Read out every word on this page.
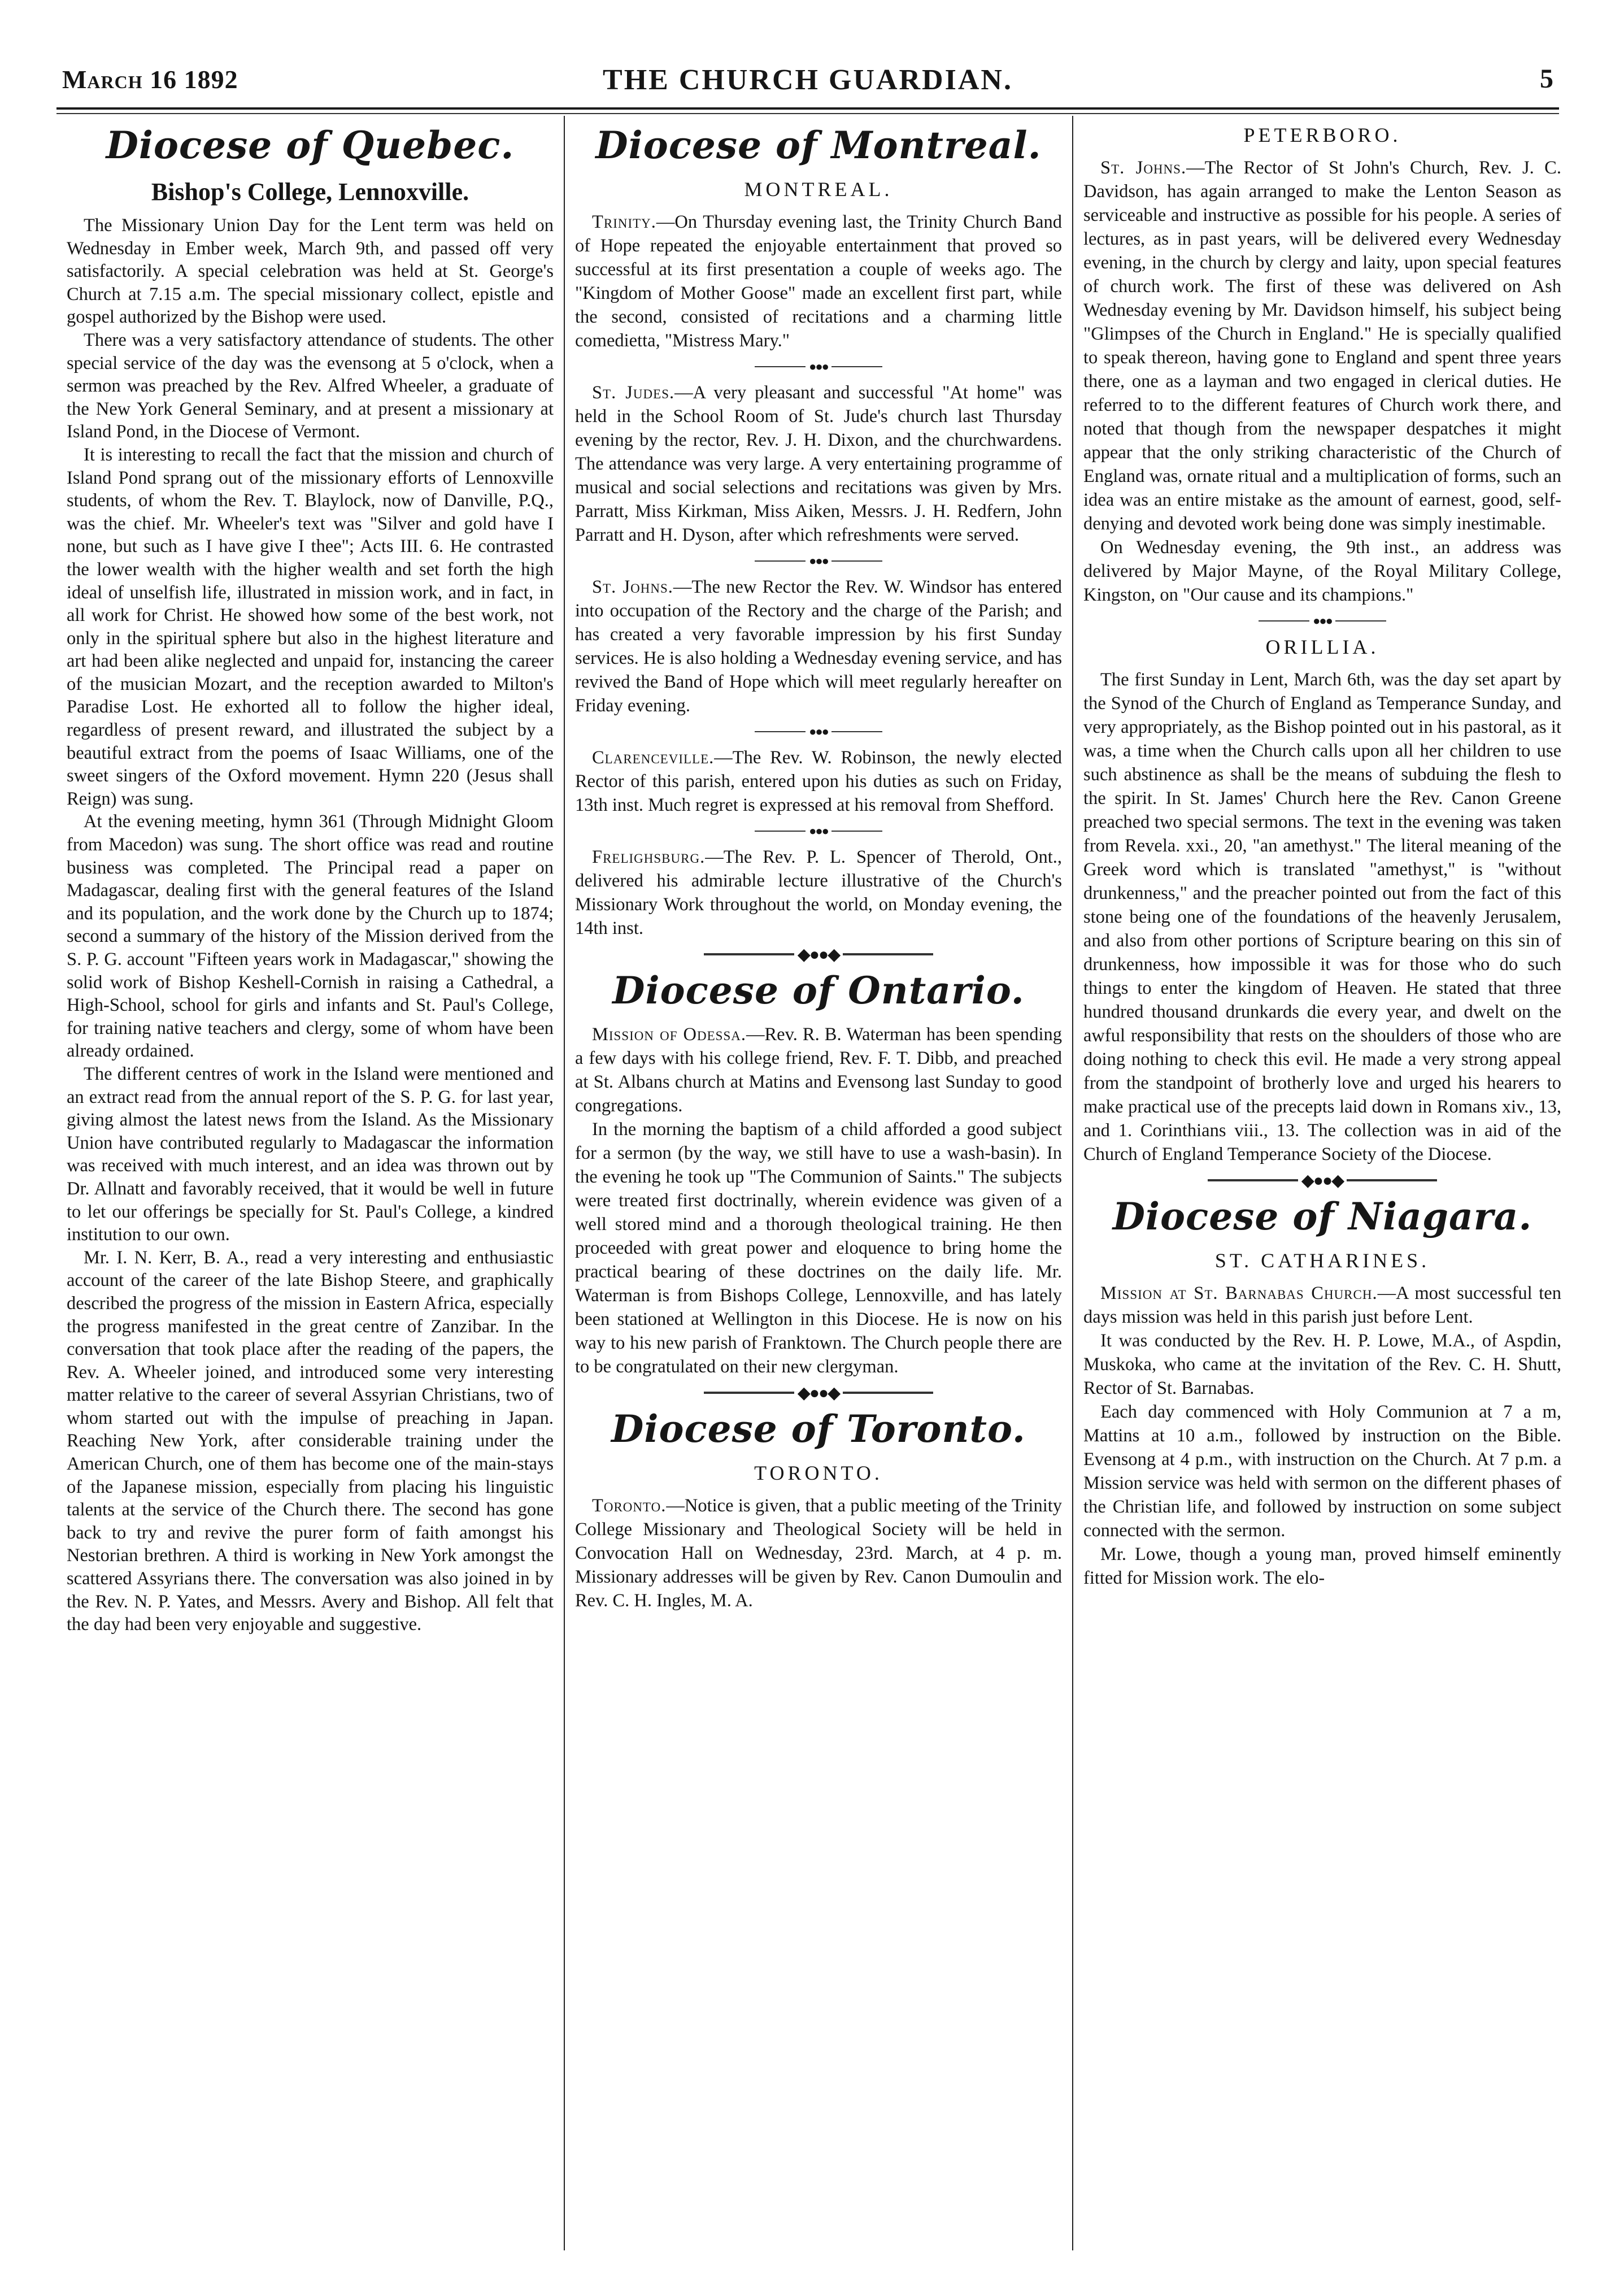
March 16 1892	THE CHURCH GUARDIAN.	5
Diocese of Quebec.
Bishop's College, Lennoxville.

The Missionary Union Day for the Lent term was held on Wednesday in Ember week, March 9th, and passed off very satisfactorily. A special celebration was held at St. George's Church at 7.15 a.m. The special missionary collect, epistle and gospel authorized by the Bishop were used.

There was a very satisfactory attendance of students. The other special service of the day was the evensong at 5 o'clock, when a sermon was preached by the Rev. Alfred Wheeler, a graduate of the New York General Seminary, and at present a missionary at Island Pond, in the Diocese of Vermont.

It is interesting to recall the fact that the mission and church of Island Pond sprang out of the missionary efforts of Lennoxville students, of whom the Rev. T. Blaylock, now of Danville, P.Q., was the chief. Mr. Wheeler's text was "Silver and gold have I none, but such as I have give I thee"; Acts III. 6. He contrasted the lower wealth with the higher wealth and set forth the high ideal of unselfish life, illustrated in mission work, and in fact, in all work for Christ. He showed how some of the best work, not only in the spiritual sphere but also in the highest literature and art had been alike neglected and unpaid for, instancing the career of the musician Mozart, and the reception awarded to Milton's Paradise Lost. He exhorted all to follow the higher ideal, regardless of present reward, and illustrated the subject by a beautiful extract from the poems of Isaac Williams, one of the sweet singers of the Oxford movement. Hymn 220 (Jesus shall Reign) was sung.

At the evening meeting, hymn 361 (Through Midnight Gloom from Macedon) was sung. The short office was read and routine business was completed. The Principal read a paper on Madagascar, dealing first with the general features of the Island and its population, and the work done by the Church up to 1874; second a summary of the history of the Mission derived from the S. P. G. account "Fifteen years work in Madagascar," showing the solid work of Bishop Keshell-Cornish in raising a Cathedral, a High-School, school for girls and infants and St. Paul's College, for training native teachers and clergy, some of whom have been already ordained.

The different centres of work in the Island were mentioned and an extract read from the annual report of the S. P. G. for last year, giving almost the latest news from the Island. As the Missionary Union have contributed regularly to Madagascar the information was received with much interest, and an idea was thrown out by Dr. Allnatt and favorably received, that it would be well in future to let our offerings be specially for St. Paul's College, a kindred institution to our own.

Mr. I. N. Kerr, B. A., read a very interesting and enthusiastic account of the career of the late Bishop Steere, and graphically described the progress of the mission in Eastern Africa, especially the progress manifested in the great centre of Zanzibar. In the conversation that took place after the reading of the papers, the Rev. A. Wheeler joined, and introduced some very interesting matter relative to the career of several Assyrian Christians, two of whom started out with the impulse of preaching in Japan. Reaching New York, after considerable training under the American Church, one of them has become one of the main-stays of the Japanese mission, especially from placing his linguistic talents at the service of the Church there. The second has gone back to try and revive the purer form of faith amongst his Nestorian brethren. A third is working in New York amongst the scattered Assyrians there. The conversation was also joined in by the Rev. N. P. Yates, and Messrs. Avery and Bishop. All felt that the day had been very enjoyable and suggestive.

Diocese of Montreal.
MONTREAL.

Trinity.—On Thursday evening last, the Trinity Church Band of Hope repeated the enjoyable entertainment that proved so successful at its first presentation a couple of weeks ago. The "Kingdom of Mother Goose" made an excellent first part, while the second, consisted of recitations and a charming little comedietta, "Mistress Mary."

●●●

St. Judes.—A very pleasant and successful "At home" was held in the School Room of St. Jude's church last Thursday evening by the rector, Rev. J. H. Dixon, and the churchwardens. The attendance was very large. A very entertaining programme of musical and social selections and recitations was given by Mrs. Parratt, Miss Kirkman, Miss Aiken, Messrs. J. H. Redfern, John Parratt and H. Dyson, after which refreshments were served.

●●●

St. Johns.—The new Rector the Rev. W. Windsor has entered into occupation of the Rectory and the charge of the Parish; and has created a very favorable impression by his first Sunday services. He is also holding a Wednesday evening service, and has revived the Band of Hope which will meet regularly hereafter on Friday evening.

●●●

Clarenceville.—The Rev. W. Robinson, the newly elected Rector of this parish, entered upon his duties as such on Friday, 13th inst. Much regret is expressed at his removal from Shefford.

●●●

Frelighsburg.—The Rev. P. L. Spencer of Therold, Ont., delivered his admirable lecture illustrative of the Church's Missionary Work throughout the world, on Monday evening, the 14th inst.

◆●●◆
Diocese of Ontario.

Mission of Odessa.—Rev. R. B. Waterman has been spending a few days with his college friend, Rev. F. T. Dibb, and preached at St. Albans church at Matins and Evensong last Sunday to good congregations.

In the morning the baptism of a child afforded a good subject for a sermon (by the way, we still have to use a wash-basin). In the evening he took up "The Communion of Saints." The subjects were treated first doctrinally, wherein evidence was given of a well stored mind and a thorough theological training. He then proceeded with great power and eloquence to bring home the practical bearing of these doctrines on the daily life. Mr. Waterman is from Bishops College, Lennoxville, and has lately been stationed at Wellington in this Diocese. He is now on his way to his new parish of Franktown. The Church people there are to be congratulated on their new clergyman.

◆●●◆
Diocese of Toronto.
TORONTO.

Toronto.—Notice is given, that a public meeting of the Trinity College Missionary and Theological Society will be held in Convocation Hall on Wednesday, 23rd. March, at 4 p. m. Missionary addresses will be given by Rev. Canon Dumoulin and Rev. C. H. Ingles, M. A.

PETERBORO.

St. Johns.—The Rector of St John's Church, Rev. J. C. Davidson, has again arranged to make the Lenton Season as serviceable and instructive as possible for his people. A series of lectures, as in past years, will be delivered every Wednesday evening, in the church by clergy and laity, upon special features of church work. The first of these was delivered on Ash Wednesday evening by Mr. Davidson himself, his subject being "Glimpses of the Church in England." He is specially qualified to speak thereon, having gone to England and spent three years there, one as a layman and two engaged in clerical duties. He referred to to the different features of Church work there, and noted that though from the newspaper despatches it might appear that the only striking characteristic of the Church of England was, ornate ritual and a multiplication of forms, such an idea was an entire mistake as the amount of earnest, good, self-denying and devoted work being done was simply inestimable.

On Wednesday evening, the 9th inst., an address was delivered by Major Mayne, of the Royal Military College, Kingston, on "Our cause and its champions."

●●●
ORILLIA.

The first Sunday in Lent, March 6th, was the day set apart by the Synod of the Church of England as Temperance Sunday, and very appropriately, as the Bishop pointed out in his pastoral, as it was, a time when the Church calls upon all her children to use such abstinence as shall be the means of subduing the flesh to the spirit. In St. James' Church here the Rev. Canon Greene preached two special sermons. The text in the evening was taken from Revela. xxi., 20, "an amethyst." The literal meaning of the Greek word which is translated "amethyst," is "without drunkenness," and the preacher pointed out from the fact of this stone being one of the foundations of the heavenly Jerusalem, and also from other portions of Scripture bearing on this sin of drunkenness, how impossible it was for those who do such things to enter the kingdom of Heaven. He stated that three hundred thousand drunkards die every year, and dwelt on the awful responsibility that rests on the shoulders of those who are doing nothing to check this evil. He made a very strong appeal from the standpoint of brotherly love and urged his hearers to make practical use of the precepts laid down in Romans xiv., 13, and 1. Corinthians viii., 13. The collection was in aid of the Church of England Temperance Society of the Diocese.

◆●●◆
Diocese of Niagara.
ST. CATHARINES.

Mission at St. Barnabas Church.—A most successful ten days mission was held in this parish just before Lent.

It was conducted by the Rev. H. P. Lowe, M.A., of Aspdin, Muskoka, who came at the invitation of the Rev. C. H. Shutt, Rector of St. Barnabas.

Each day commenced with Holy Communion at 7 a m, Mattins at 10 a.m., followed by instruction on the Bible. Evensong at 4 p.m., with instruction on the Church. At 7 p.m. a Mission service was held with sermon on the different phases of the Christian life, and followed by instruction on some subject connected with the sermon.

Mr. Lowe, though a young man, proved himself eminently fitted for Mission work. The elo-
